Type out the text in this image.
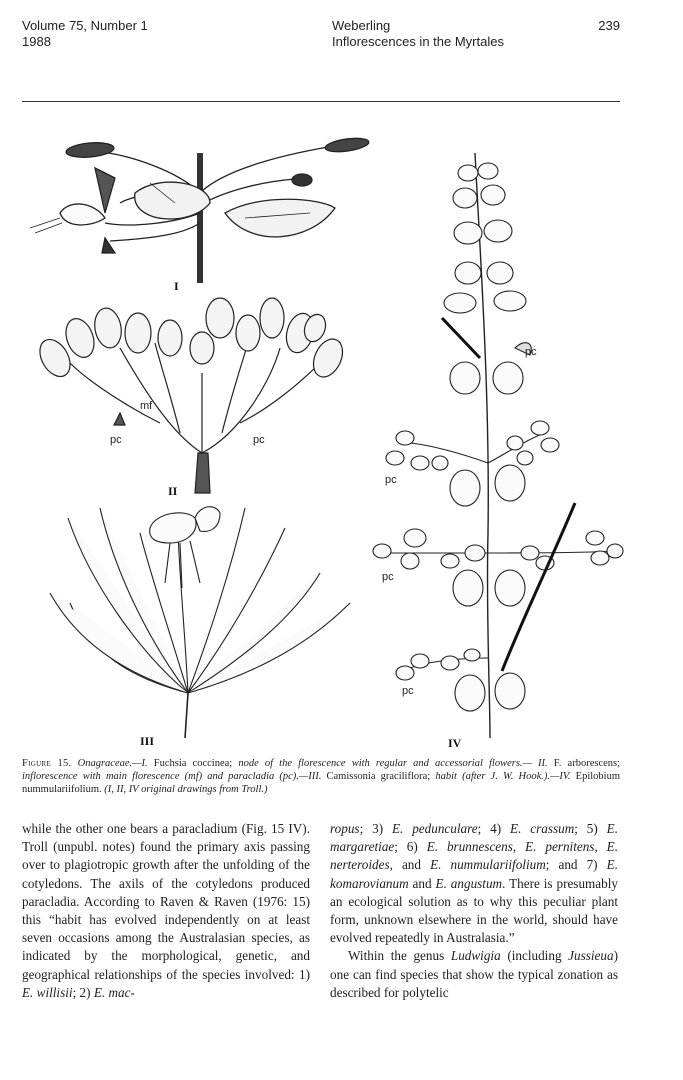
Volume 75, Number 1
1988
Weberling
Inflorescences in the Myrtales
239
I
mf
pc	pc
II
III
pc
pc
pc
pc
IV
Figure 15. Onagraceae.—I. Fuchsia coccinea; node of the florescence with regular and accessorial flowers.— II. F. arborescens; inflorescence with main florescence (mf) and paracladia (pc).—III. Camissonia graciliflora; habit (after J. W. Hook.).—IV. Epilobium nummulariifolium. (I, II, IV original drawings from Troll.)

while the other one bears a paracladium (Fig. 15 IV). Troll (unpubl. notes) found the primary axis passing over to plagiotropic growth after the unfolding of the cotyledons. The axils of the cotyledons produced paracladia. According to Raven & Raven (1976: 15) this “habit has evolved independently on at least seven occasions among the Australasian species, as indicated by the morphological, genetic, and geographical relationships of the species involved: 1) E. willisii; 2) E. mac-

ropus; 3) E. pedunculare; 4) E. crassum; 5) E. margaretiae; 6) E. brunnescens, E. pernitens, E. nerteroides, and E. nummulariifolium; and 7) E. komarovianum and E. angustum. There is presumably an ecological solution as to why this peculiar plant form, unknown elsewhere in the world, should have evolved repeatedly in Australasia.”

Within the genus Ludwigia (including Jussieua) one can find species that show the typical zonation as described for polytelic
